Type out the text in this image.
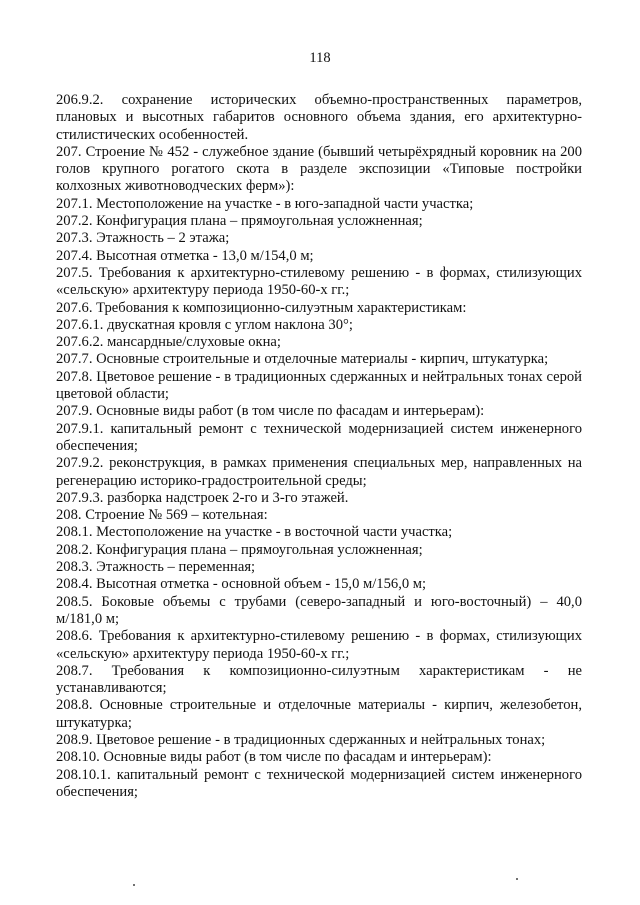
118

206.9.2. сохранение исторических объемно-пространственных параметров, плановых и высотных габаритов основного объема здания, его архитектурно-стилистических особенностей.

207. Строение № 452 - служебное здание (бывший четырёхрядный коровник на 200 голов крупного рогатого скота в разделе экспозиции «Типовые постройки колхозных животноводческих ферм»):

207.1. Местоположение на участке - в юго-западной части участка;

207.2. Конфигурация плана – прямоугольная усложненная;

207.3. Этажность – 2 этажа;

207.4. Высотная отметка - 13,0 м/154,0 м;

207.5. Требования к архитектурно-стилевому решению - в формах, стилизующих «сельскую» архитектуру периода 1950-60-х гг.;

207.6. Требования к композиционно-силуэтным характеристикам:

207.6.1. двускатная кровля с углом наклона 30°;

207.6.2. мансардные/слуховые окна;

207.7. Основные строительные и отделочные материалы - кирпич, штукатурка;

207.8. Цветовое решение - в традиционных сдержанных и нейтральных тонах серой цветовой области;

207.9. Основные виды работ (в том числе по фасадам и интерьерам):

207.9.1. капитальный ремонт с технической модернизацией систем инженерного обеспечения;

207.9.2. реконструкция, в рамках применения специальных мер, направленных на регенерацию историко-градостроительной среды;

207.9.3. разборка надстроек 2-го и 3-го этажей.

208. Строение № 569 – котельная:

208.1. Местоположение на участке - в восточной части участка;

208.2. Конфигурация плана – прямоугольная усложненная;

208.3. Этажность – переменная;

208.4. Высотная отметка - основной объем - 15,0 м/156,0 м;

208.5. Боковые объемы с трубами (северо-западный и юго-восточный) – 40,0 м/181,0 м;

208.6. Требования к архитектурно-стилевому решению - в формах, стилизующих «сельскую» архитектуру периода 1950-60-х гг.;

208.7. Требования к композиционно-силуэтным характеристикам - не устанавливаются;

208.8. Основные строительные и отделочные материалы - кирпич, железобетон, штукатурка;

208.9. Цветовое решение - в традиционных сдержанных и нейтральных тонах;

208.10. Основные виды работ (в том числе по фасадам и интерьерам):

208.10.1. капитальный ремонт с технической модернизацией систем инженерного обеспечения;
